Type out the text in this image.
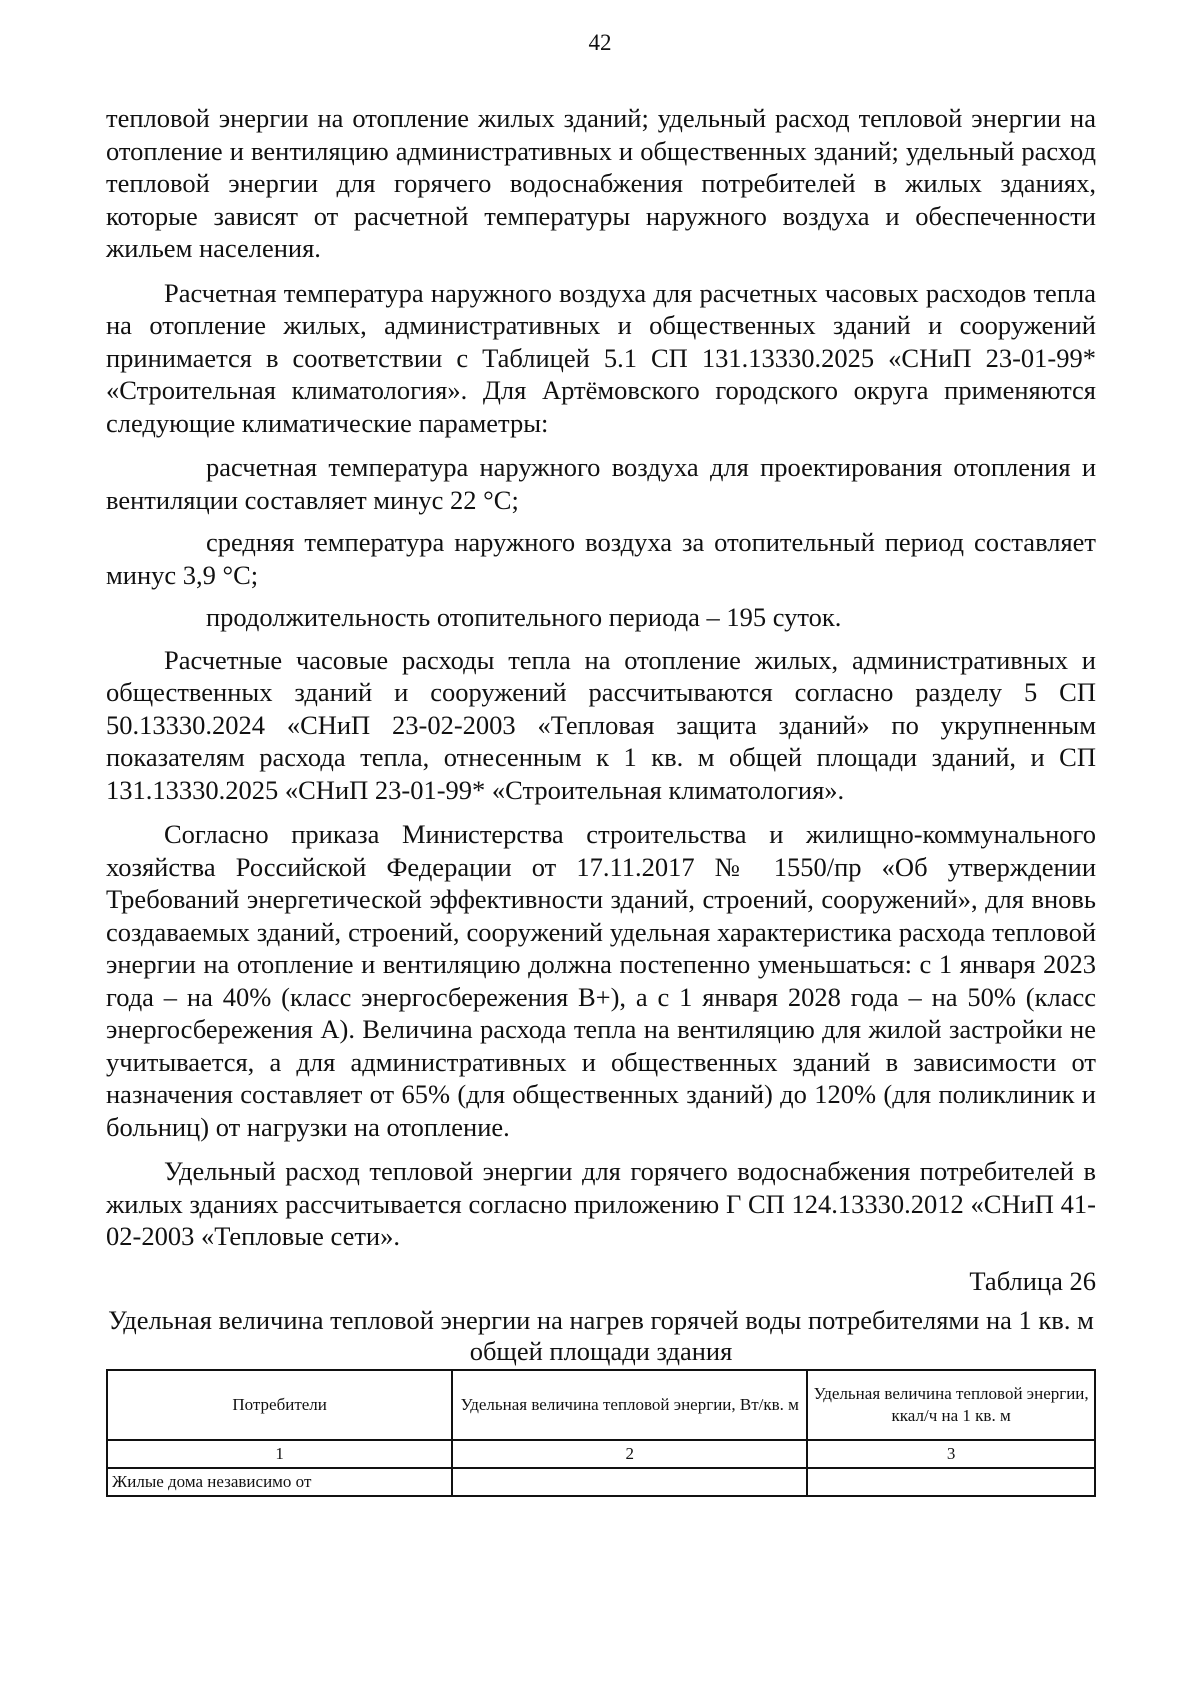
42

тепловой энергии на отопление жилых зданий; удельный расход тепловой энергии на отопление и вентиляцию административных и общественных зданий; удельный расход тепловой энергии для горячего водоснабжения потребителей в жилых зданиях, которые зависят от расчетной температуры наружного воздуха и обеспеченности жильем населения.

Расчетная температура наружного воздуха для расчетных часовых расходов тепла на отопление жилых, административных и общественных зданий и сооружений принимается в соответствии с Таблицей 5.1 СП 131.13330.2025 «СНиП 23-01-99* «Строительная климатология». Для Артёмовского городского округа применяются следующие климатические параметры:

расчетная температура наружного воздуха для проектирования отопления и вентиляции составляет минус 22 °С;

средняя температура наружного воздуха за отопительный период составляет минус 3,9 °С;

продолжительность отопительного периода – 195 суток.

Расчетные часовые расходы тепла на отопление жилых, административных и общественных зданий и сооружений рассчитываются согласно разделу 5 СП 50.13330.2024 «СНиП 23-02-2003 «Тепловая защита зданий» по укрупненным показателям расхода тепла, отнесенным к 1 кв. м общей площади зданий, и СП 131.13330.2025 «СНиП 23-01-99* «Строительная климатология».

Согласно приказа Министерства строительства и жилищно-коммунального хозяйства Российской Федерации от 17.11.2017 № 1550/пр «Об утверждении Требований энергетической эффективности зданий, строений, сооружений», для вновь создаваемых зданий, строений, сооружений удельная характеристика расхода тепловой энергии на отопление и вентиляцию должна постепенно уменьшаться: с 1 января 2023 года – на 40% (класс энергосбережения В+), а с 1 января 2028 года – на 50% (класс энергосбережения А). Величина расхода тепла на вентиляцию для жилой застройки не учитывается, а для административных и общественных зданий в зависимости от назначения составляет от 65% (для общественных зданий) до 120% (для поликлиник и больниц) от нагрузки на отопление.

Удельный расход тепловой энергии для горячего водоснабжения потребителей в жилых зданиях рассчитывается согласно приложению Г СП 124.13330.2012 «СНиП 41-02-2003 «Тепловые сети».

Таблица 26
Удельная величина тепловой энергии на нагрев горячей воды потребителями на 1 кв. м общей площади здания
Потребители	Удельная величина тепловой энергии, Вт/кв. м	Удельная величина тепловой энергии, ккал/ч на 1 кв. м
1	2	3
Жилые дома независимо от		
